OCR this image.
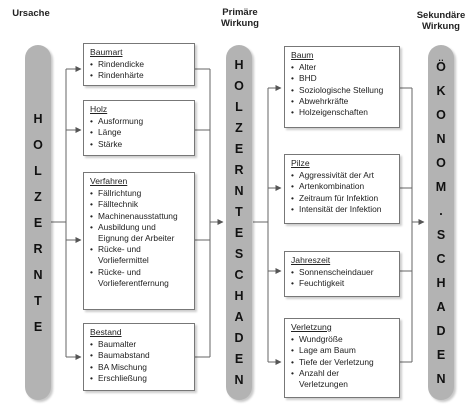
Ursache	Primäre
Wirkung
Sekundäre
Wirkung
H
O
L
Z
E
R
N
T
E
H
O
L
Z
E
R
N
T
E
S
C
H
A
D
E
N
Ö
K
O
N
O
M
.
S
C
H
A
D
E
N
Baumart
• Rindendicke
• Rindenhärte
Holz
• Ausformung
• Länge
• Stärke
Verfahren
• Fällrichtung
• Fälltechnik
• Machinenausstattung
• Ausbildung und
Eignung der Arbeiter
• Rücke- und
Vorliefermittel
• Rücke- und
Vorlieferentfernung
Bestand
• Baumalter
• Baumabstand
• BA Mischung
• Erschließung
Baum
• Alter
• BHD
• Soziologische Stellung
• Abwehrkräfte
• Holzeigenschaften
Pilze
• Aggressivität der Art
• Artenkombination
• Zeitraum für Infektion
• Intensität der Infektion
Jahreszeit
• Sonnenscheindauer
• Feuchtigkeit
Verletzung
• Wundgröße
• Lage am Baum
• Tiefe der Verletzung
• Anzahl der
Verletzungen
